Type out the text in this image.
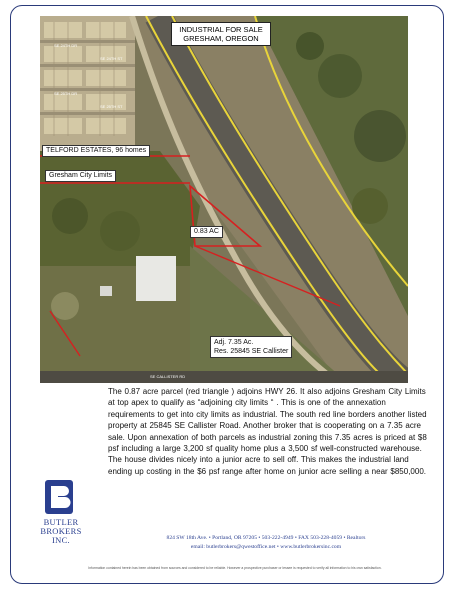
SE 24TH DR
SE 25TH DR
SE 24TH ST
SE 25TH ST
SE CALLISTER RD
INDUSTRIAL FOR SALE
GRESHAM, OREGON
TELFORD ESTATES, 96 homes
Gresham City Limits
0.83 AC
Adj. 7.35 Ac.
Res. 25845 SE Callister
The 0.87 acre parcel (red triangle ) adjoins HWY 26. It also adjoins Gresham City Limits at top apex to qualify as “adjoining city limits “ . This is one of the annexation requirements to get into city limits as industrial. The south red line borders another listed property at 25845 SE Callister Road. Another broker that is cooperating on a 7.35 acre sale. Upon annexation of both parcels as industrial zoning this 7.35 acres is priced at $8 psf including a large 3,200 sf quality home plus a 3,500 sf well-constructed warehouse. The house divides nicely into a junior acre to sell off. This makes the industrial land ending up costing in the $6 psf range after home on junior acre selling a near $850,000.
BUTLER
BROKERS
INC.	824 SW 18th Ave. • Portland, OR 97205 • 503-222-4949 • FAX 503-228-4059 • Realtors
email: butlerbrokers@qwestoffice.net • www.butlerbrokersinc.com
Information contained herein has been obtained from sources and considered to be reliable. However a prospective purchaser or lessee is requested to verify all information to his own satisfaction.
